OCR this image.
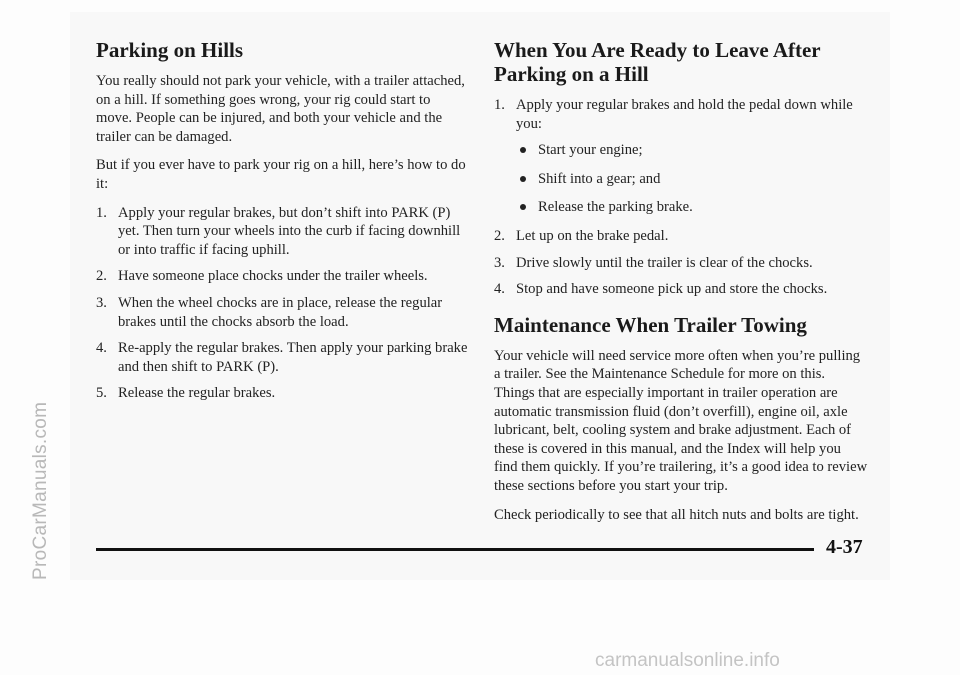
Parking on Hills

You really should not park your vehicle, with a trailer attached, on a hill. If something goes wrong, your rig could start to move. People can be injured, and both your vehicle and the trailer can be damaged.

But if you ever have to park your rig on a hill, here’s how to do it:

1. Apply your regular brakes, but don’t shift into PARK (P) yet. Then turn your wheels into the curb if facing downhill or into traffic if facing uphill.
2. Have someone place chocks under the trailer wheels.
3. When the wheel chocks are in place, release the regular brakes until the chocks absorb the load.
4. Re-apply the regular brakes. Then apply your parking brake and then shift to PARK (P).
5. Release the regular brakes.
When You Are Ready to Leave After Parking on a Hill
1. Apply your regular brakes and hold the pedal down while you:
Start your engine;
Shift into a gear; and
Release the parking brake.
2. Let up on the brake pedal.
3. Drive slowly until the trailer is clear of the chocks.
4. Stop and have someone pick up and store the chocks.
Maintenance When Trailer Towing

Your vehicle will need service more often when you’re pulling a trailer. See the Maintenance Schedule for more on this. Things that are especially important in trailer operation are automatic transmission fluid (don’t overfill), engine oil, axle lubricant, belt, cooling system and brake adjustment. Each of these is covered in this manual, and the Index will help you find them quickly. If you’re trailering, it’s a good idea to review these sections before you start your trip.

Check periodically to see that all hitch nuts and bolts are tight.

4-37
ProCarManuals.com
carmanualsonline.info
